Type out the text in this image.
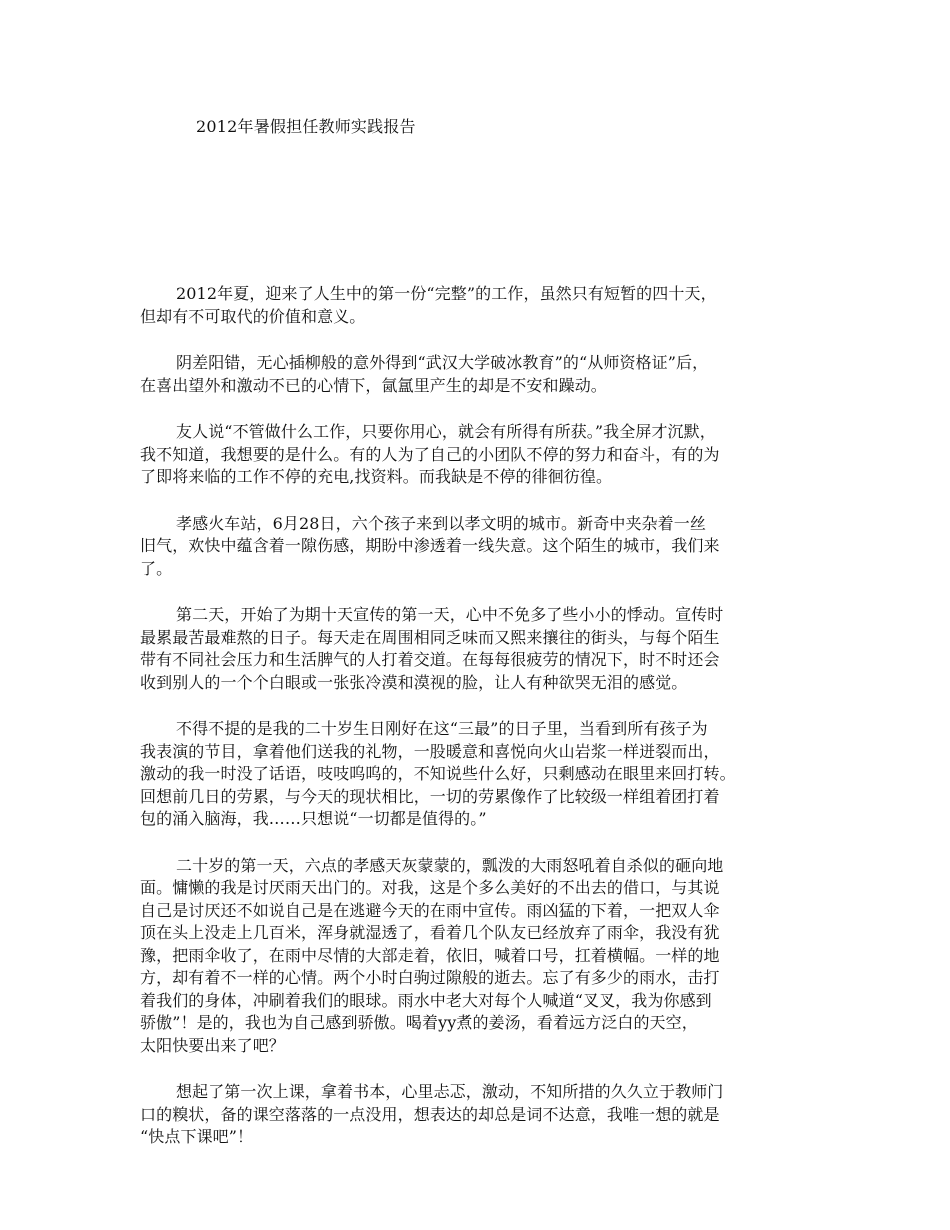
2012年暑假担任教师实践报告
2012年夏，迎来了人生中的第一份“完整”的工作，虽然只有短暂的四十天，
但却有不可取代的价值和意义。
阴差阳错，无心插柳般的意外得到“武汉大学破冰教育”的“从师资格证”后，
在喜出望外和激动不已的心情下，氤氲里产生的却是不安和躁动。
友人说“不管做什么工作，只要你用心，就会有所得有所获。”我全屏才沉默，
我不知道，我想要的是什么。有的人为了自己的小团队不停的努力和奋斗，有的为
了即将来临的工作不停的充电,找资料。而我缺是不停的徘徊彷徨。
孝感火车站，6月28日，六个孩子来到以孝文明的城市。新奇中夹杂着一丝
旧气，欢快中蕴含着一隙伤感，期盼中渗透着一线失意。这个陌生的城市，我们来
了。
第二天，开始了为期十天宣传的第一天，心中不免多了些小小的悸动。宣传时
最累最苦最难熬的日子。每天走在周围相同乏味而又熙来攘往的街头，与每个陌生
带有不同社会压力和生活脾气的人打着交道。在每每很疲劳的情况下，时不时还会
收到别人的一个个白眼或一张张冷漠和漠视的脸，让人有种欲哭无泪的感觉。
不得不提的是我的二十岁生日刚好在这“三最”的日子里，当看到所有孩子为
我表演的节目，拿着他们送我的礼物，一股暖意和喜悦向火山岩浆一样迸裂而出，
激动的我一时没了话语，吱吱呜呜的，不知说些什么好，只剩感动在眼里来回打转。
回想前几日的劳累，与今天的现状相比，一切的劳累像作了比较级一样组着团打着
包的涌入脑海，我……只想说“一切都是值得的。”
二十岁的第一天，六点的孝感天灰蒙蒙的，瓢泼的大雨怒吼着自杀似的砸向地
面。慵懒的我是讨厌雨天出门的。对我，这是个多么美好的不出去的借口，与其说
自己是讨厌还不如说自己是在逃避今天的在雨中宣传。雨凶猛的下着，一把双人伞
顶在头上没走上几百米，浑身就湿透了，看着几个队友已经放弃了雨伞，我没有犹
豫，把雨伞收了，在雨中尽情的大部走着，依旧，喊着口号，扛着横幅。一样的地
方，却有着不一样的心情。两个小时白驹过隙般的逝去。忘了有多少的雨水，击打
着我们的身体，冲刷着我们的眼球。雨水中老大对每个人喊道“叉叉，我为你感到
骄傲”！是的，我也为自己感到骄傲。喝着yy煮的姜汤，看着远方泛白的天空，
太阳快要出来了吧？
想起了第一次上课，拿着书本，心里忐忑，激动，不知所措的久久立于教师门
口的糗状，备的课空落落的一点没用，想表达的却总是词不达意，我唯一想的就是
“快点下课吧”！
